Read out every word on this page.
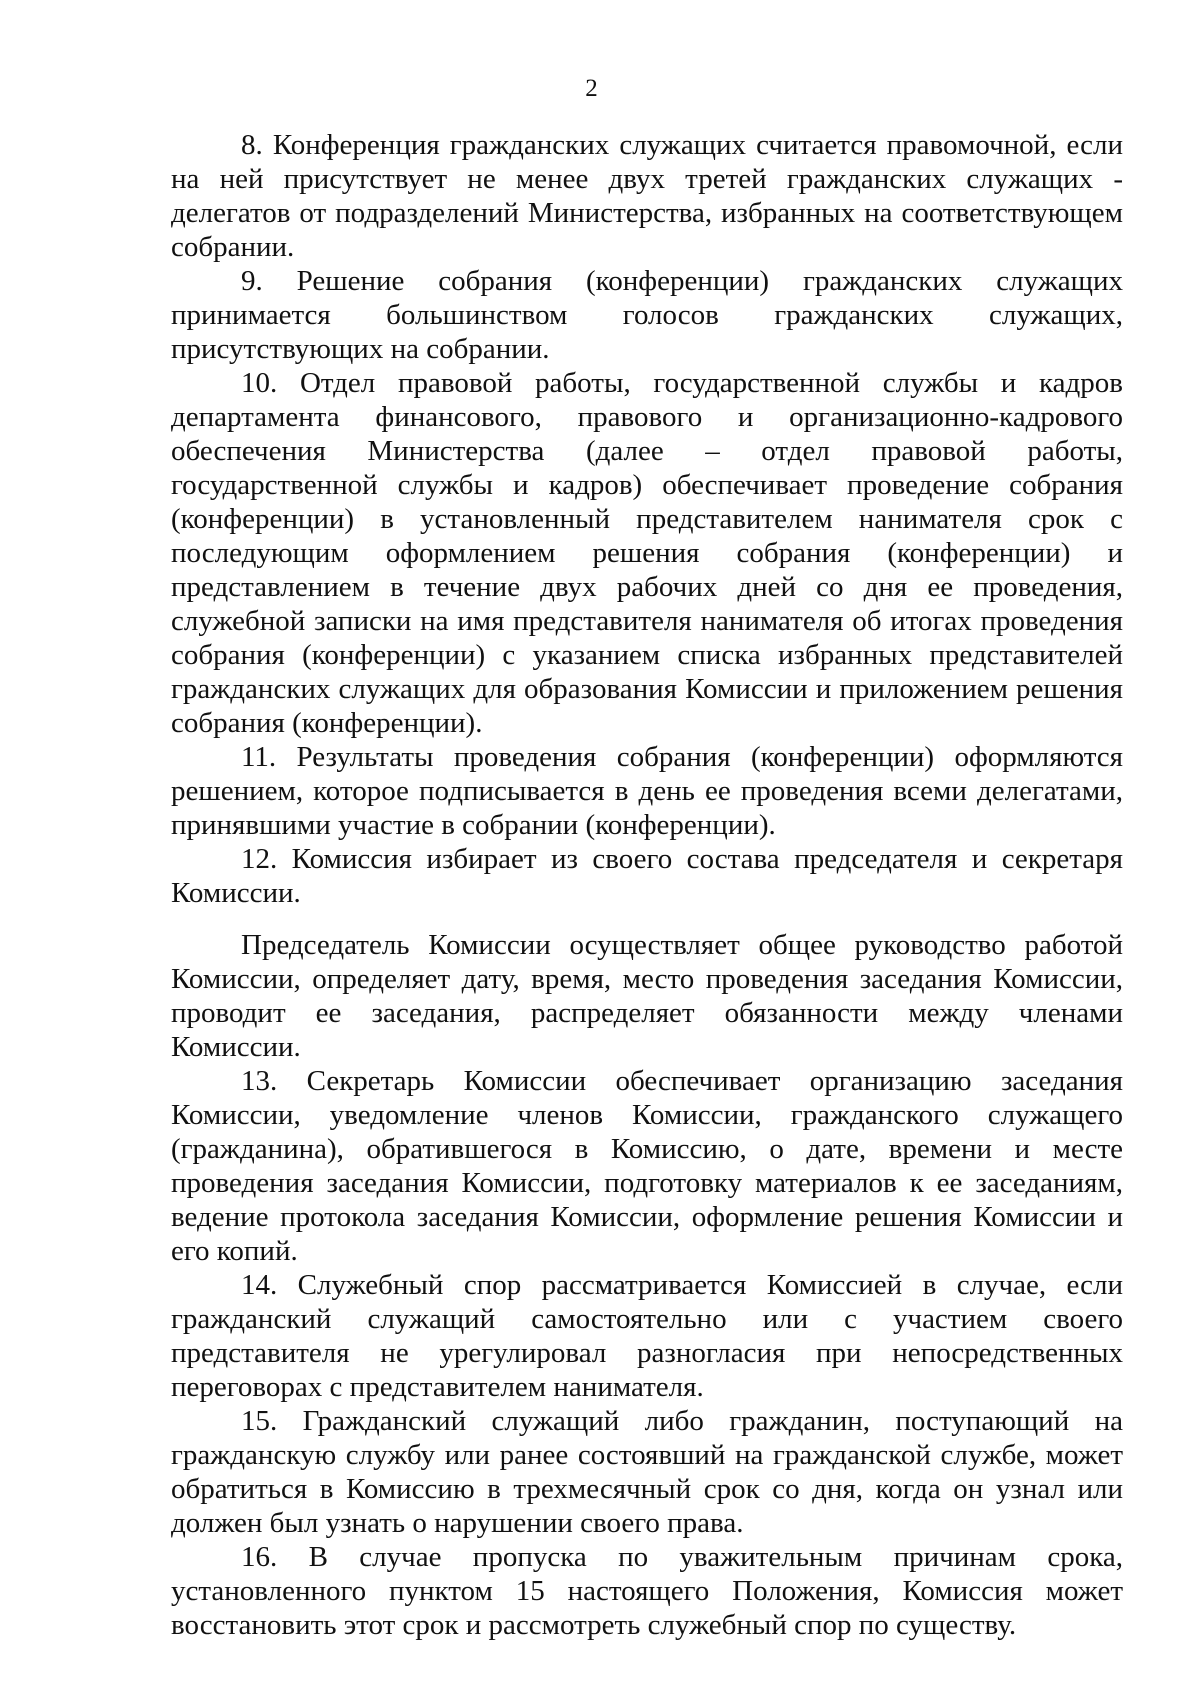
2

8. Конференция гражданских служащих считается правомочной, если на ней присутствует не менее двух третей гражданских служащих - делегатов от подразделений Министерства, избранных на соответствующем собрании.

9. Решение собрания (конференции) гражданских служащих принимается большинством голосов гражданских служащих, присутствующих на собрании.

10. Отдел правовой работы, государственной службы и кадров департамента финансового, правового и организационно-кадрового обеспечения Министерства (далее – отдел правовой работы, государственной службы и кадров) обеспечивает проведение собрания (конференции) в установленный представителем нанимателя срок с последующим оформлением решения собрания (конференции) и представлением в течение двух рабочих дней со дня ее проведения, служебной записки на имя представителя нанимателя об итогах проведения собрания (конференции) с указанием списка избранных представителей гражданских служащих для образования Комиссии и приложением решения собрания (конференции).

11. Результаты проведения собрания (конференции) оформляются решением, которое подписывается в день ее проведения всеми делегатами, принявшими участие в собрании (конференции).

12. Комиссия избирает из своего состава председателя и секретаря Комиссии.

Председатель Комиссии осуществляет общее руководство работой Комиссии, определяет дату, время, место проведения заседания Комиссии, проводит ее заседания, распределяет обязанности между членами Комиссии.

13. Секретарь Комиссии обеспечивает организацию заседания Комиссии, уведомление членов Комиссии, гражданского служащего (гражданина), обратившегося в Комиссию, о дате, времени и месте проведения заседания Комиссии, подготовку материалов к ее заседаниям, ведение протокола заседания Комиссии, оформление решения Комиссии и его копий.

14. Служебный спор рассматривается Комиссией в случае, если гражданский служащий самостоятельно или с участием своего представителя не урегулировал разногласия при непосредственных переговорах с представителем нанимателя.

15. Гражданский служащий либо гражданин, поступающий на гражданскую службу или ранее состоявший на гражданской службе, может обратиться в Комиссию в трехмесячный срок со дня, когда он узнал или должен был узнать о нарушении своего права.

16. В случае пропуска по уважительным причинам срока, установленного пунктом 15 настоящего Положения, Комиссия может восстановить этот срок и рассмотреть служебный спор по существу.
